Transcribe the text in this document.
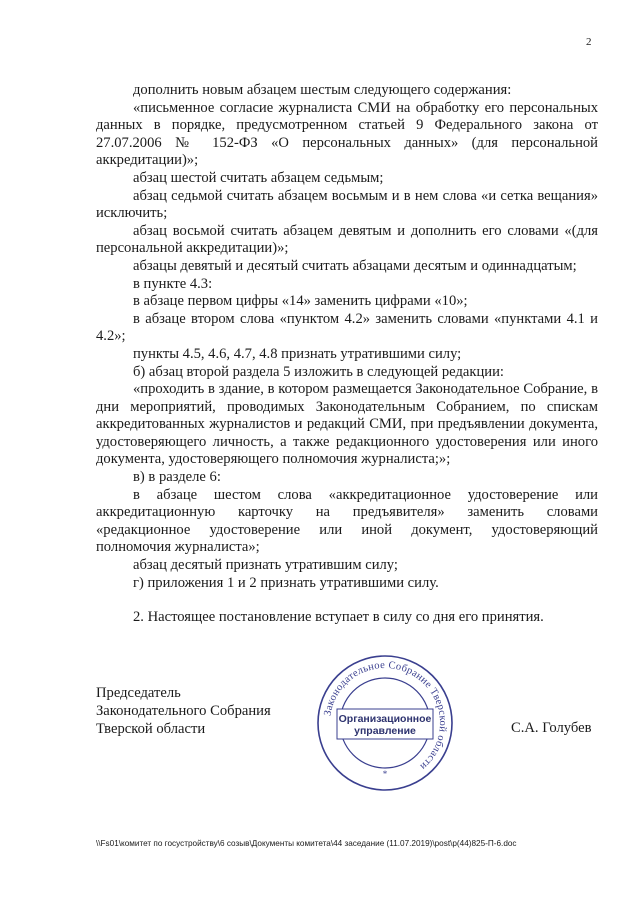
2

дополнить новым абзацем шестым следующего содержания:

«письменное согласие журналиста СМИ на обработку его персональных данных в порядке, предусмотренном статьей 9 Федерального закона от 27.07.2006 № 152-ФЗ «О персональных данных» (для персональной аккредитации)»;

абзац шестой считать абзацем седьмым;

абзац седьмой считать абзацем восьмым и в нем слова «и сетка вещания» исключить;

абзац восьмой считать абзацем девятым и дополнить его словами «(для персональной аккредитации)»;

абзацы девятый и десятый считать абзацами десятым и одиннадцатым;

в пункте 4.3:

в абзаце первом цифры «14» заменить цифрами «10»;

в абзаце втором слова «пунктом 4.2» заменить словами «пунктами 4.1 и 4.2»;

пункты 4.5, 4.6, 4.7, 4.8 признать утратившими силу;

б) абзац второй раздела 5 изложить в следующей редакции:

«проходить в здание, в котором размещается Законодательное Собрание, в дни мероприятий, проводимых Законодательным Собранием, по спискам аккредитованных журналистов и редакций СМИ, при предъявлении документа, удостоверяющего личность, а также редакционного удостоверения или иного документа, удостоверяющего полномочия журналиста;»;

в) в разделе 6:

в абзаце шестом слова «аккредитационное удостоверение или аккредитационную карточку на предъявителя» заменить словами «редакционное удостоверение или иной документ, удостоверяющий полномочия журналиста»;

абзац десятый признать утратившим силу;

г) приложения 1 и 2 признать утратившими силу.

2. Настоящее постановление вступает в силу со дня его принятия.

Председатель
Законодательного Собрания
Тверской области	С.А. Голубев
Законодательное Собрание Тверской области
*
Организационное
управление
\\Fs01\комитет по госустройству\6 созыв\Документы комитета\44 заседание (11.07.2019)\post\p(44)825-П-6.doc
